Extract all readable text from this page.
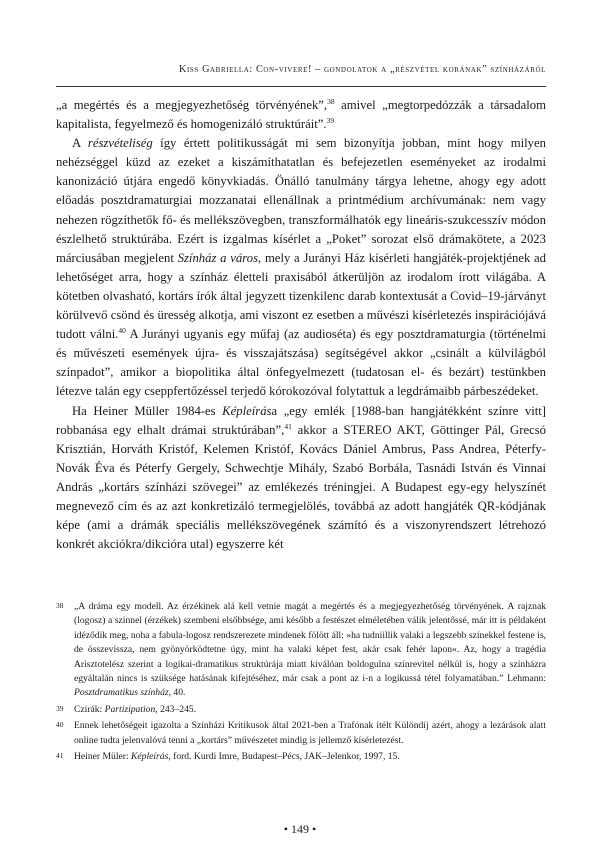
Kiss Gabriella: Con-vivere! – gondolatok a „részvétel korának” színházáról

„a megértés és a megjegyezhetőség törvényének”,$^{38}$ amivel „megtorpedózzák a társadalom kapitalista, fegyelmező és homogenizáló struktúráit”.$^{39}$

A részvételiség így értett politikusságát mi sem bizonyítja jobban, mint hogy milyen nehézséggel küzd az ezeket a kiszámíthatatlan és befejezetlen eseményeket az irodalmi kanonizáció útjára engedő könyvkiadás. Önálló tanulmány tárgya lehetne, ahogy egy adott előadás posztdramaturgiai mozzanatai ellenállnak a printmédium archívumának: nem vagy nehezen rögzíthetők fő- és mellékszövegben, transzformálhatók egy lineáris-szukcesszív módon észlelhető struktúrába. Ezért is izgalmas kísérlet a „Poket” sorozat első drámakötete, a 2023 márciusában megjelent Színház a város, mely a Jurányi Ház kísérleti hangjáték-projektjének ad lehetőséget arra, hogy a színház életteli praxisából átkerüljön az irodalom írott világába. A kötetben olvasható, kortárs írók által jegyzett tizenkilenc darab kontextusát a Covid–19-járványt körülvevő csönd és üresség alkotja, ami viszont ez esetben a művészi kísérletezés inspirációjává tudott válni.$^{40}$ A Jurányi ugyanis egy műfaj (az audioséta) és egy posztdramaturgia (történelmi és művészeti események újra- és visszajátszása) segítségével akkor „csinált a külvilágból színpadot”, amikor a biopolitika által önfegyelmezett (tudatosan el- és bezárt) testünkben létezve talán egy cseppfertőzéssel terjedő kórokozóval folytattuk a legdrámaibb párbeszédeket.

Ha Heiner Müller 1984-es Képleírása „egy emlék [1988-ban hangjátékként színre vitt] robbanása egy elhalt drámai struktúrában”,$^{41}$ akkor a STEREO AKT, Göttinger Pál, Grecsó Krisztián, Horváth Kristóf, Kelemen Kristóf, Kovács Dániel Ambrus, Pass Andrea, Péterfy-Novák Éva és Péterfy Gergely, Schwechtje Mihály, Szabó Borbála, Tasnádi István és Vinnai András „kortárs színházi szövegei” az emlékezés tréningjei. A Budapest egy-egy helyszínét megnevező cím és az azt konkretizáló termegjelölés, továbbá az adott hangjáték QR-kódjának képe (ami a drámák speciális mellékszövegének számító és a viszonyrendszert létrehozó konkrét akciókra/dikcióra utal) egyszerre két

38	„A dráma egy modell. Az érzékinek alá kell vetnie magát a megértés és a megjegyezhetőség törvényének. A rajznak (logosz) a színnel (érzékek) szembeni elsőbbsége, ami később a festészet elméletében válik jelentőssé, már itt is példaként idéződik meg, noha a fabula-logosz rendszerezete mindenek fölött áll: »ha tudniillik valaki a legszebb színekkel festene is, de összevissza, nem gyönyörködtetne úgy, mint ha valaki képet fest, akár csak fehér lapon«. Az, hogy a tragédia Arisztotelész szerint a logikai-dramatikus struktúrája miatt kiválóan boldogulna színrevitel nélkül is, hogy a színházra egyáltalán nincs is szüksége hatásának kifejtéséhez, már csak a pont az i-n a logikussá tétel folyamatában.” Lehmann: Posztdramatikus színház, 40.
39	Czirák: Partizipation, 243–245.
40	Ennek lehetőségeit igazolta a Színházi Kritikusok által 2021-ben a Trafónak ítélt Különdíj azért, ahogy a lezárások alatt online tudta jelenvalóvá tenni a „kortárs” művészetet mindig is jellemző kísérletezést.
41	Heiner Müler: Képleírás, ford. Kurdi Imre, Budapest–Pécs, JAK–Jelenkor, 1997, 15.
• 149 •
